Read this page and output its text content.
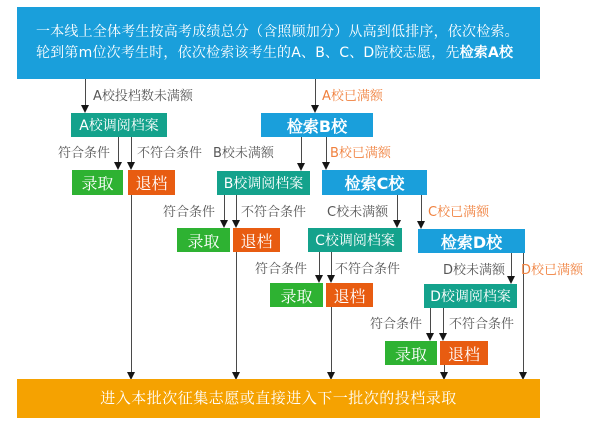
一本线上全体考生按高考成绩总分（含照顾加分）从高到低排序，依次检索。
轮到第m位次考生时，依次检索该考生的A、B、C、D院校志愿，先检索A校
A校投档数未满额	A校已满额
符合条件 不符合条件 B校未满额	B校已满额
符合条件 不符合条件 C校未满额	C校已满额
符合条件 不符合条件	D校未满额 D校已满额
符合条件 不符合条件
A校调阅档案	检索B校
录取	退档	B校调阅档案	检索C校
录取	退档	C校调阅档案	检索D校
录取	退档	D校调阅档案
录取	退档
进入本批次征集志愿或直接进入下一批次的投档录取
